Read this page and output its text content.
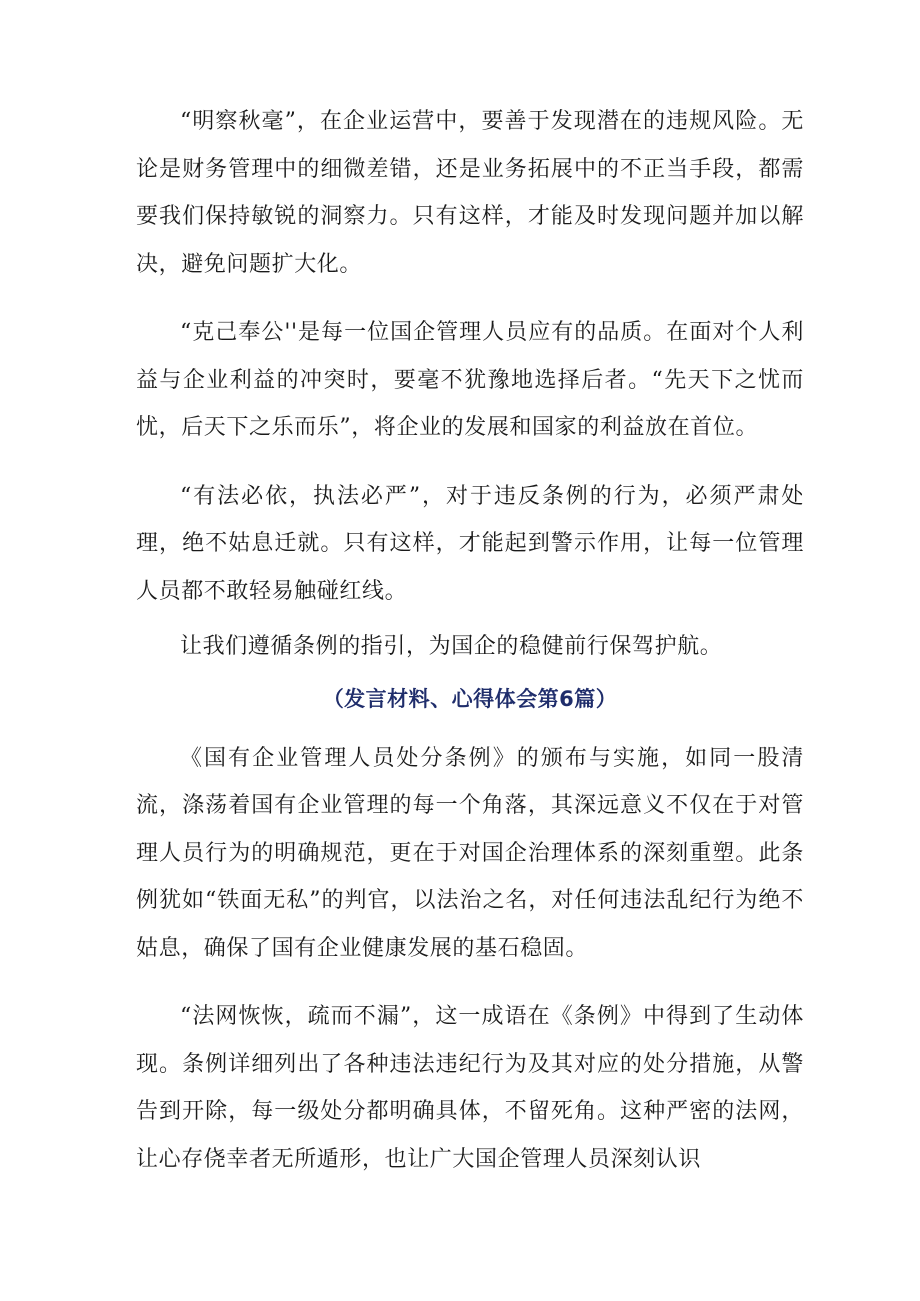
“明察秋毫”，在企业运营中，要善于发现潜在的违规风险。无论是财务管理中的细微差错，还是业务拓展中的不正当手段，都需要我们保持敏锐的洞察力。只有这样，才能及时发现问题并加以解决，避免问题扩大化。

“克己奉公''是每一位国企管理人员应有的品质。在面对个人利益与企业利益的冲突时，要毫不犹豫地选择后者。“先天下之忧而忧，后天下之乐而乐”，将企业的发展和国家的利益放在首位。

“有法必依，执法必严”，对于违反条例的行为，必须严肃处理，绝不姑息迁就。只有这样，才能起到警示作用，让每一位管理人员都不敢轻易触碰红线。

让我们遵循条例的指引，为国企的稳健前行保驾护航。

（发言材料、心得体会第6篇）

《国有企业管理人员处分条例》的颁布与实施，如同一股清流，涤荡着国有企业管理的每一个角落，其深远意义不仅在于对管理人员行为的明确规范，更在于对国企治理体系的深刻重塑。此条例犹如“铁面无私”的判官，以法治之名，对任何违法乱纪行为绝不姑息，确保了国有企业健康发展的基石稳固。

“法网恢恢，疏而不漏”，这一成语在《条例》中得到了生动体现。条例详细列出了各种违法违纪行为及其对应的处分措施，从警告到开除，每一级处分都明确具体，不留死角。这种严密的法网，让心存侥幸者无所遁形，也让广大国企管理人员深刻认识
